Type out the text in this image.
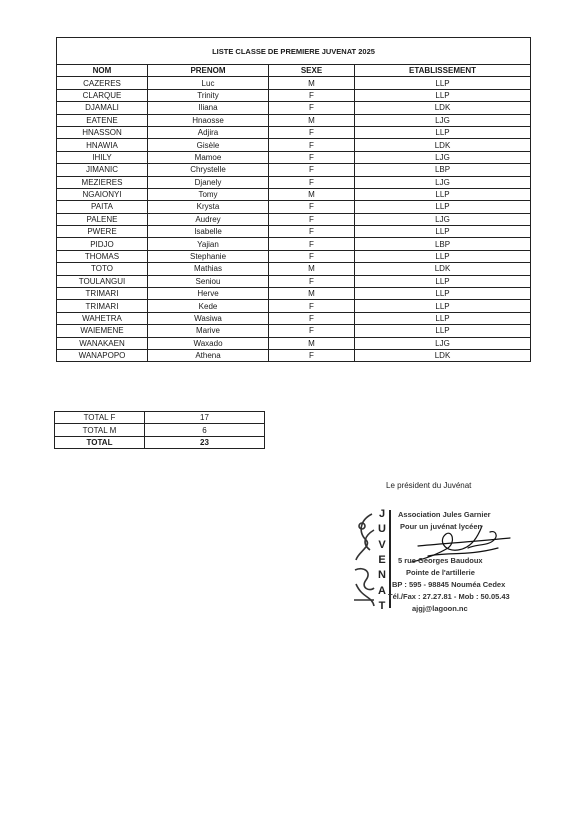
LISTE CLASSE DE PREMIERE JUVENAT 2025			
NOM	PRENOM	SEXE	ETABLISSEMENT
CAZERES	Luc	M	LLP
CLARQUE	Trinity	F	LLP
DJAMALI	Iliana	F	LDK
EATENE	Hnaosse	M	LJG
HNASSON	Adjira	F	LLP
HNAWIA	Gisèle	F	LDK
IHILY	Mamoe	F	LJG
JIMANIC	Chrystelle	F	LBP
MEZIERES	Djanely	F	LJG
NGAIONYI	Tomy	M	LLP
PAITA	Krysta	F	LLP
PALENE	Audrey	F	LJG
PWERE	Isabelle	F	LLP
PIDJO	Yajian	F	LBP
THOMAS	Stephanie	F	LLP
TOTO	Mathias	M	LDK
TOULANGUI	Seniou	F	LLP
TRIMARI	Herve	M	LLP
TRIMARI	Kede	F	LLP
WAHETRA	Wasiwa	F	LLP
WAIEMENE	Marive	F	LLP
WANAKAEN	Waxado	M	LJG
WANAPOPO	Athena	F	LDK
TOTAL F	17
TOTAL M	6
TOTAL	23
Le président du Juvénat
J
U
V
E
N
A
T
Association Jules Garnier
Pour un juvénat lycéen
5 rue Georges Baudoux
Pointe de l'artillerie
BP : 595 - 98845 Nouméa Cedex
Tél./Fax : 27.27.81 - Mob : 50.05.43
ajgj@lagoon.nc
